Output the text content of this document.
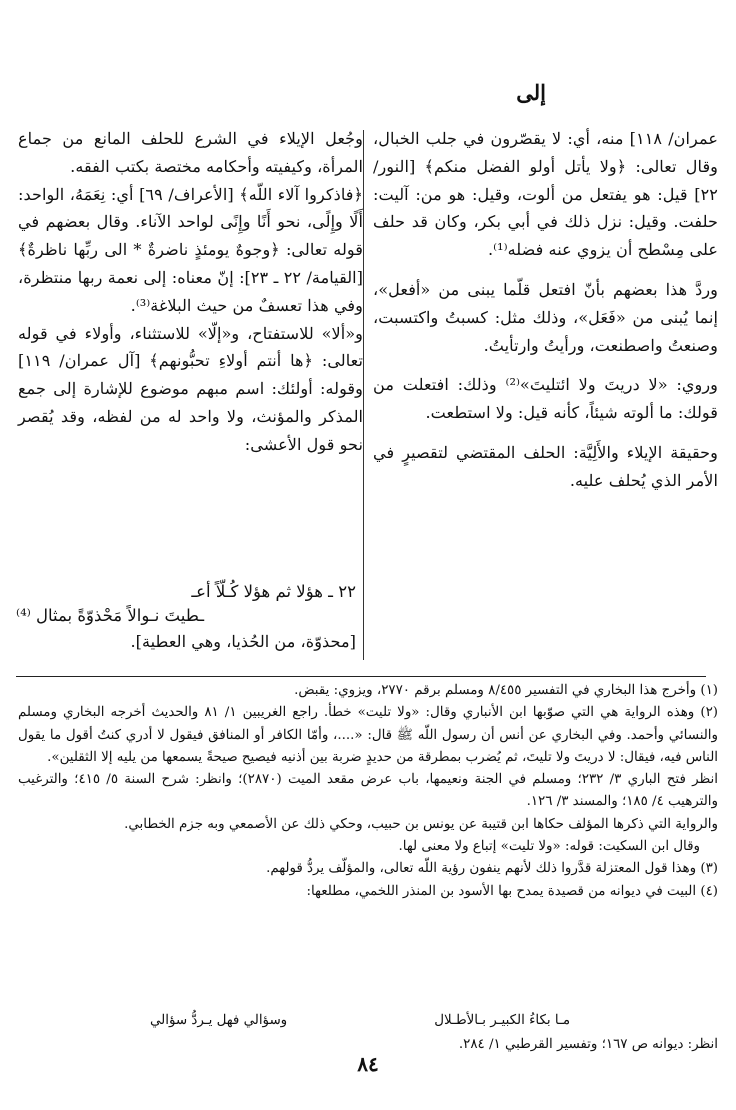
إلى

عمران/ ١١٨] منه، أي: لا يقصّرون في جلب الخبال، وقال تعالى: ﴿ولا يأتل أولو الفضل منكم﴾ [النور/ ٢٢] قيل: هو يفتعل من ألوت، وقيل: هو من: آليت: حلفت. وقيل: نزل ذلك في أبي بكر، وكان قد حلف على مِسْطح أن يزوي عنه فضله⁽¹⁾.

وردَّ هذا بعضهم بأنّ افتعل قلّما يبنى من «أفعل»، إنما يُبنى من «فَعَل»، وذلك مثل: كسبتُ واكتسبت، وصنعتُ واصطنعت، ورأيتُ وارتأيتُ.

وروي: «لا دريتَ ولا ائتليتَ»⁽²⁾ وذلك: افتعلت من قولك: ما ألوته شيئاً، كأنه قيل: ولا استطعت.

وحقيقة الإيلاء والأَلِيَّة: الحلف المقتضي لتقصيرٍ في الأمر الذي يُحلف عليه.

وجُعل الإيلاء في الشرع للحلف المانع من جماع المرأة، وكيفيته وأحكامه مختصة بكتب الفقه.

﴿فاذكروا آلاء اللّه﴾ [الأعراف/ ٦٩] أي: نِعَمَهُ، الواحد: أَلًا وإِلًى، نحو أَنًا وإِنًى لواحد الآناء. وقال بعضهم في قوله تعالى: ﴿وجوهٌ يومئذٍ ناضرةٌ * الى ربِّها ناظرةٌ﴾ [القيامة/ ٢٢ ـ ٢٣]: إنّ معناه: إلى نعمة ربها منتظرة، وفي هذا تعسفٌ من حيث البلاغة⁽³⁾.

و«ألا» للاستفتاح، و«إلّا» للاستثناء، وأولاء في قوله تعالى: ﴿ها أنتم أولاءِ تحبُّونهم﴾ [آل عمران/ ١١٩] وقوله: أولئك: اسم مبهم موضوع للإشارة إلى جمع المذكر والمؤنث، ولا واحد له من لفظه، وقد يُقصر نحو قول الأعشى:

٢٢ ـ هؤلا ثم هؤلا كُـلّاً أعـ
ـطيتَ نـوالاً مَحْذوّةً بمثال ⁽⁴⁾
[محذوّة، من الحُذيا، وهي العطية].

(١) وأخرج هذا البخاري في التفسير ٨/٤٥٥ ومسلم برقم ٢٧٧٠، ويزوي: يقبض.

(٢) وهذه الرواية هي التي صوّبها ابن الأنباري وقال: «ولا تليت» خطأ. راجع الغريبين ١/ ٨١ والحديث أخرجه البخاري ومسلم والنسائي وأحمد. وفي البخاري عن أنس أن رسول اللّه ﷺ قال: «....، وأمّا الكافر أو المنافق فيقول لا أدري كنتُ أقول ما يقول الناس فيه، فيقال: لا دريتَ ولا تليتَ، ثم يُضرب بمطرقة من حديدٍ ضربة بين أذنيه فيصيح صيحةً يسمعها من يليه إلا الثقلين».

انظر فتح الباري ٣/ ٢٣٢؛ ومسلم في الجنة ونعيمها، باب عرض مقعد الميت (٢٨٧٠)؛ وانظر: شرح السنة ٥/ ٤١٥؛ والترغيب والترهيب ٤/ ١٨٥؛ والمسند ٣/ ١٢٦.

والرواية التي ذكرها المؤلف حكاها ابن قتيبة عن يونس بن حبيب، وحكي ذلك عن الأصمعي وبه جزم الخطابي.

وقال ابن السكيت: قوله: «ولا تليت» إتباع ولا معنى لها.

(٣) وهذا قول المعتزلة قدَّروا ذلك لأنهم ينفون رؤية اللّه تعالى، والمؤلّف يردُّ قولهم.

(٤) البيت في ديوانه من قصيدة يمدح بها الأسود بن المنذر اللخمي، مطلعها:

مـا بكاءُ الكبيـر بـالأطـلال
وسؤالي فهل يـردُّ سؤالي

انظر: ديوانه ص ١٦٧؛ وتفسير القرطبي ١/ ٢٨٤.

٨٤
